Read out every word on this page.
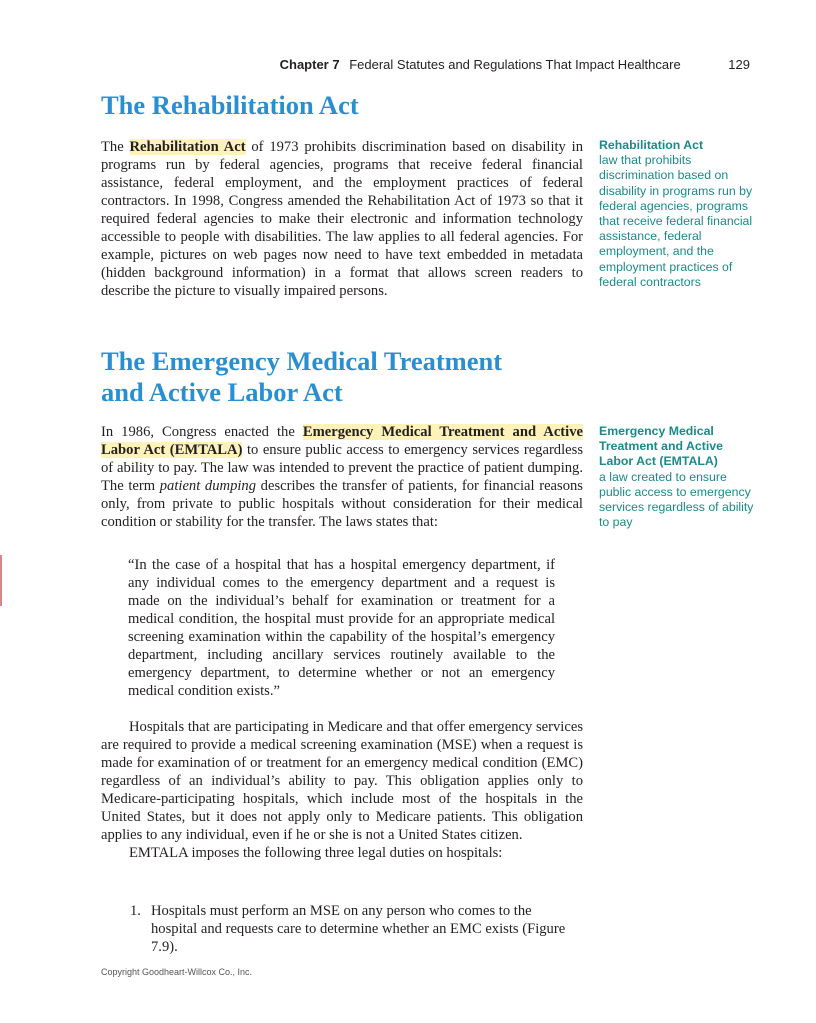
Chapter 7 Federal Statutes and Regulations That Impact Healthcare	129
The Rehabilitation Act

The Rehabilitation Act of 1973 prohibits discrimination based on disability in programs run by federal agencies, programs that receive federal financial assistance, federal employment, and the employment practices of federal contractors. In 1998, Congress amended the Rehabilitation Act of 1973 so that it required federal agencies to make their electronic and information technology accessible to people with disabilities. The law applies to all federal agencies. For example, pictures on web pages now need to have text embedded in metadata (hidden background information) in a format that allows screen readers to describe the picture to visually impaired persons.

Rehabilitation Act
law that prohibits discrimination based on disability in programs run by federal agencies, programs that receive federal financial assistance, federal employment, and the employment practices of federal contractors
The Emergency Medical Treatment
and Active Labor Act

In 1986, Congress enacted the Emergency Medical Treatment and Active Labor Act (EMTALA) to ensure public access to emergency services regardless of ability to pay. The law was intended to prevent the practice of patient dumping. The term patient dumping describes the transfer of patients, for financial reasons only, from private to public hospitals without consideration for their medical condition or stability for the transfer. The laws states that:

Emergency Medical Treatment and Active Labor Act (EMTALA)
a law created to ensure public access to emergency services regardless of ability to pay

“In the case of a hospital that has a hospital emergency department, if any individual comes to the emergency department and a request is made on the individual’s behalf for examination or treatment for a medical condition, the hospital must provide for an appropriate medical screening examination within the capability of the hospital’s emergency department, including ancillary services routinely available to the emergency department, to determine whether or not an emergency medical condition exists.”

Hospitals that are participating in Medicare and that offer emergency services are required to provide a medical screening examination (MSE) when a request is made for examination of or treatment for an emergency medical condition (EMC) regardless of an individual’s ability to pay. This obligation applies only to Medicare-participating hospitals, which include most of the hospitals in the United States, but it does not apply only to Medicare patients. This obligation applies to any individual, even if he or she is not a United States citizen.

EMTALA imposes the following three legal duties on hospitals:

1. Hospitals must perform an MSE on any person who comes to the hospital and requests care to determine whether an EMC exists (Figure 7.9).
Copyright Goodheart-Willcox Co., Inc.
